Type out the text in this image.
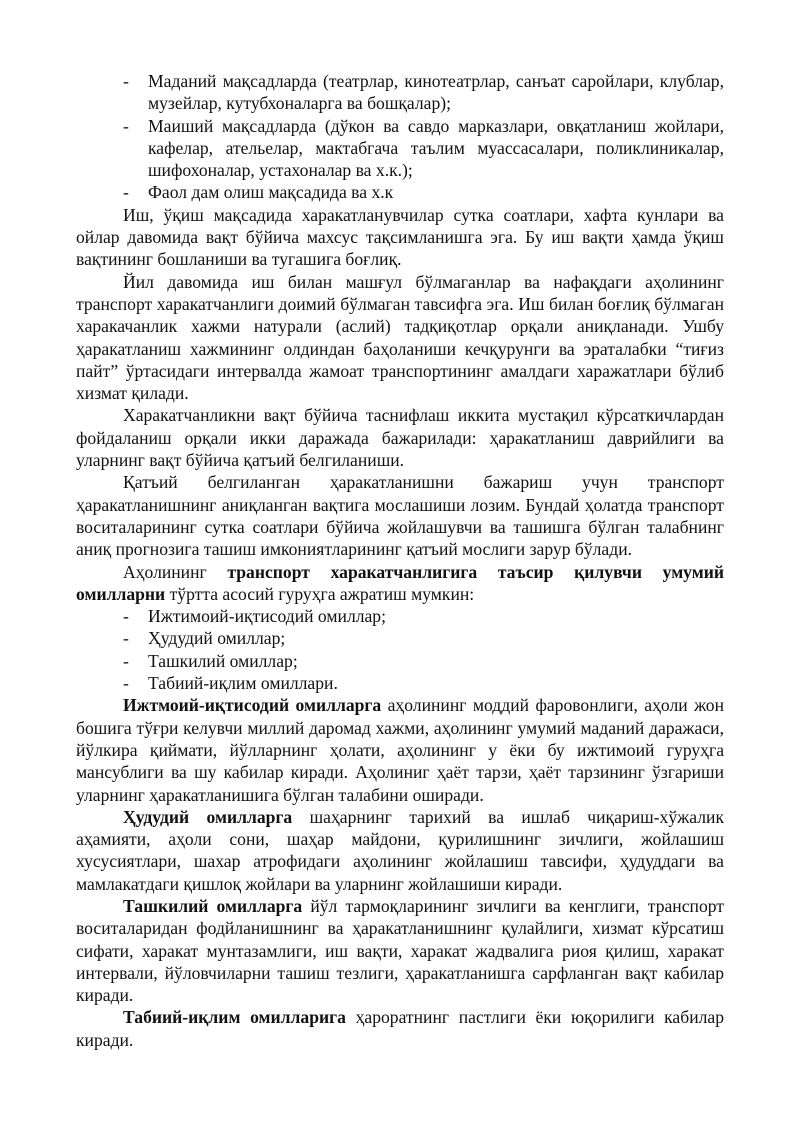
- Маданий мақсадларда (театрлар, кинотеатрлар, санъат саройлари, клублар, музейлар, кутубхоналарга ва бошқалар);
- Маиший мақсадларда (дўкон ва савдо марказлари, овқатланиш жойлари, кафелар, ательелар, мактабгача таълим муассасалари, поликлиникалар, шифохоналар, устахоналар ва х.к.);
- Фаол дам олиш мақсадида ва х.к

Иш, ўқиш мақсадида харакатланувчилар сутка соатлари, хафта кунлари ва ойлар давомида вақт бўйича махсус тақсимланишга эга. Бу иш вақти ҳамда ўқиш вақтининг бошланиши ва тугашига боғлиқ.

Йил давомида иш билан машғул бўлмаганлар ва нафақдаги аҳолининг транспорт харакатчанлиги доимий бўлмаган тавсифга эга. Иш билан боғлиқ бўлмаган харакачанлик хажми натурали (аслий) тадқиқотлар орқали аниқланади. Ушбу ҳаракатланиш хажмининг олдиндан баҳоланиши кечқурунги ва эраталабки “тиғиз пайт” ўртасидаги интервалда жамоат транспортининг амалдаги харажатлари бўлиб хизмат қилади.

Харакатчанликни вақт бўйича таснифлаш иккита мустақил кўрсаткичлардан фойдаланиш орқали икки даражада бажарилади: ҳаракатланиш даврийлиги ва уларнинг вақт бўйича қатъий белгиланиши.

Қатъий белгиланган ҳаракатланишни бажариш учун транспорт ҳаракатланишнинг аниқланган вақтига мослашиши лозим. Бундай ҳолатда транспорт воситаларининг сутка соатлари бўйича жойлашувчи ва ташишга бўлган талабнинг аниқ прогнозига ташиш имкониятларининг қатъий мослиги зарур бўлади.

Аҳолининг транспорт харакатчанлигига таъсир қилувчи умумий омилларни тўртта асосий гуруҳга ажратиш мумкин:

- Ижтимоий-иқтисодий омиллар;
- Ҳудудий омиллар;
- Ташкилий омиллар;
- Табиий-иқлим омиллари.

Ижтмоий-иқтисодий омилларга аҳолининг моддий фаровонлиги, аҳоли жон бошига тўғри келувчи миллий даромад хажми, аҳолининг умумий маданий даражаси, йўлкира қиймати, йўлларнинг ҳолати, аҳолининг у ёки бу ижтимоий гуруҳга мансублиги ва шу кабилар киради. Аҳолиниг ҳаёт тарзи, ҳаёт тарзининг ўзгариши уларнинг ҳаракатланишига бўлган талабини оширади.

Ҳудудий омилларга шаҳарнинг тарихий ва ишлаб чиқариш-хўжалик аҳамияти, аҳоли сони, шаҳар майдони, қурилишнинг зичлиги, жойлашиш хусусиятлари, шахар атрофидаги аҳолининг жойлашиш тавсифи, ҳудуддаги ва мамлакатдаги қишлоқ жойлари ва уларнинг жойлашиши киради.

Ташкилий омилларга йўл тармоқларининг зичлиги ва кенглиги, транспорт воситаларидан фодйланишнинг ва ҳаракатланишнинг қулайлиги, хизмат кўрсатиш сифати, харакат мунтазамлиги, иш вақти, харакат жадвалига риоя қилиш, харакат интервали, йўловчиларни ташиш тезлиги, ҳаракатланишга сарфланган вақт кабилар киради.

Табиий-иқлим омилларига ҳароратнинг пастлиги ёки юқорилиги кабилар киради.
